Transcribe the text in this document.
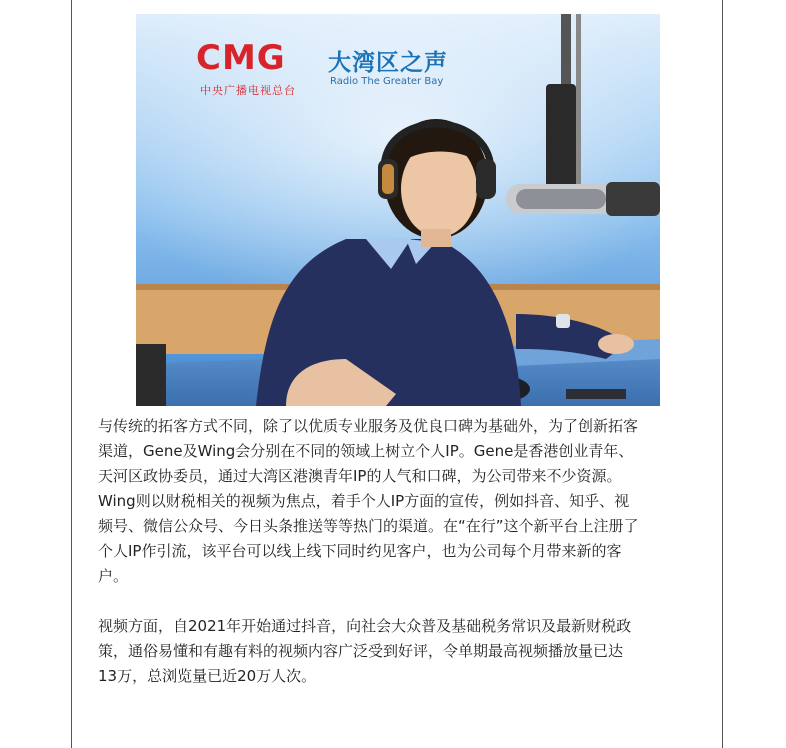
CMG
中央广播电视总台
大湾区之声
Radio The Greater Bay

与传统的拓客方式不同，除了以优质专业服务及优良口碑为基础外，为了创新拓客
渠道，Gene及Wing会分别在不同的领域上树立个人IP。Gene是香港创业青年、
天河区政协委员，通过大湾区港澳青年IP的人气和口碑，为公司带来不少资源。
Wing则以财税相关的视频为焦点，着手个人IP方面的宣传，例如抖音、知乎、视
频号、微信公众号、今日头条推送等等热门的渠道。在“在行”这个新平台上注册了
个人IP作引流，该平台可以线上线下同时约见客户，也为公司每个月带来新的客
户。

视频方面，自2021年开始通过抖音，向社会大众普及基础税务常识及最新财税政
策，通俗易懂和有趣有料的视频内容广泛受到好评，令单期最高视频播放量已达
13万，总浏览量已近20万人次。
